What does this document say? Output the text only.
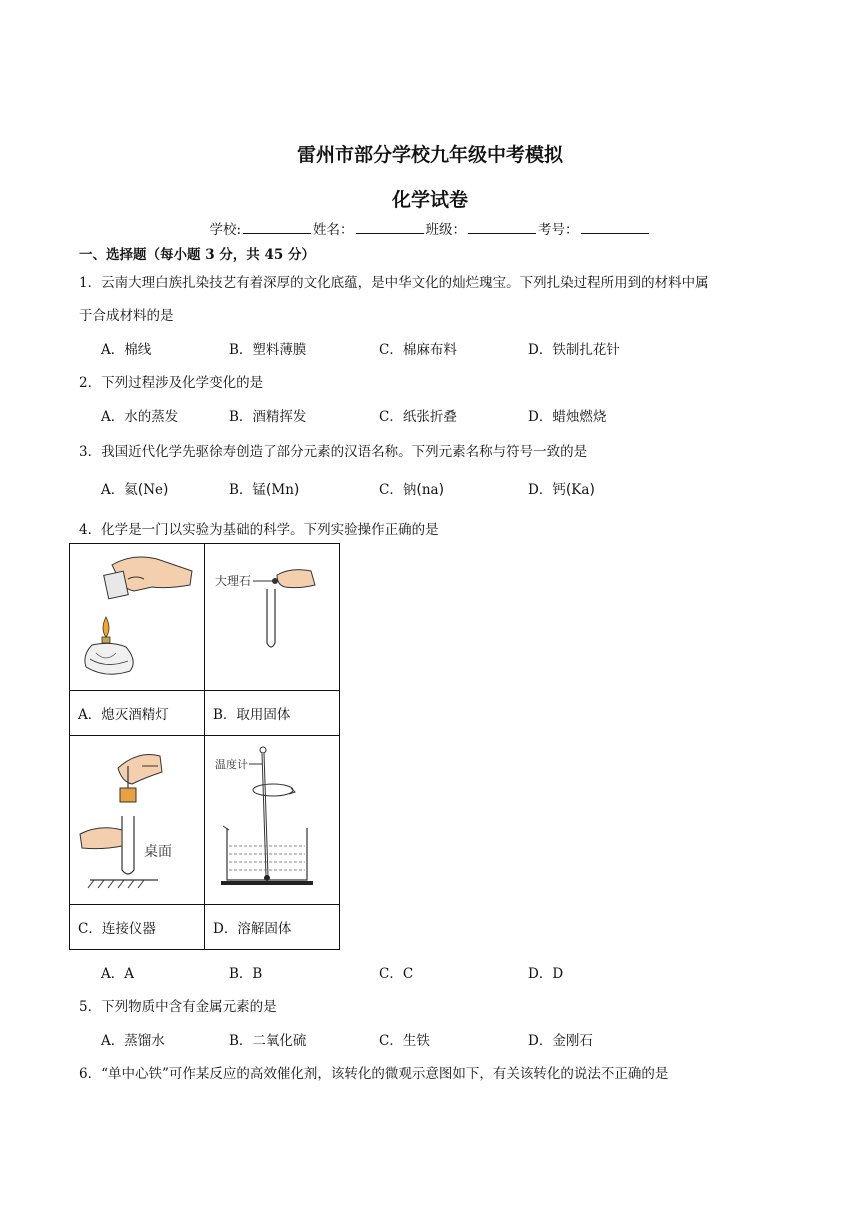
雷州市部分学校九年级中考模拟
化学试卷
学校:	姓名：	班级：	考号：
一、选择题（每小题 3 分，共 45 分）
1．云南大理白族扎染技艺有着深厚的文化底蕴，是中华文化的灿烂瑰宝。下列扎染过程所用到的材料中属
于合成材料的是
A．棉线	B．塑料薄膜	C．棉麻布料	D．铁制扎花针
2．下列过程涉及化学变化的是
A．水的蒸发	B．酒精挥发	C．纸张折叠	D．蜡烛燃烧
3．我国近代化学先驱徐寿创造了部分元素的汉语名称。下列元素名称与符号一致的是
A．氦(Ne)	B．锰(Mn)	C．钠(na)	D．钙(Ka)
4．化学是一门以实验为基础的科学。下列实验操作正确的是

大理石

A．熄灭酒精灯	B．取用固体

桌面	温度计

C．连接仪器	D．溶解固体
A．A	B．B	C．C	D．D
5．下列物质中含有金属元素的是
A．蒸馏水	B．二氧化硫	C．生铁	D．金刚石
6．“单中心铁”可作某反应的高效催化剂，该转化的微观示意图如下，有关该转化的说法不正确的是
